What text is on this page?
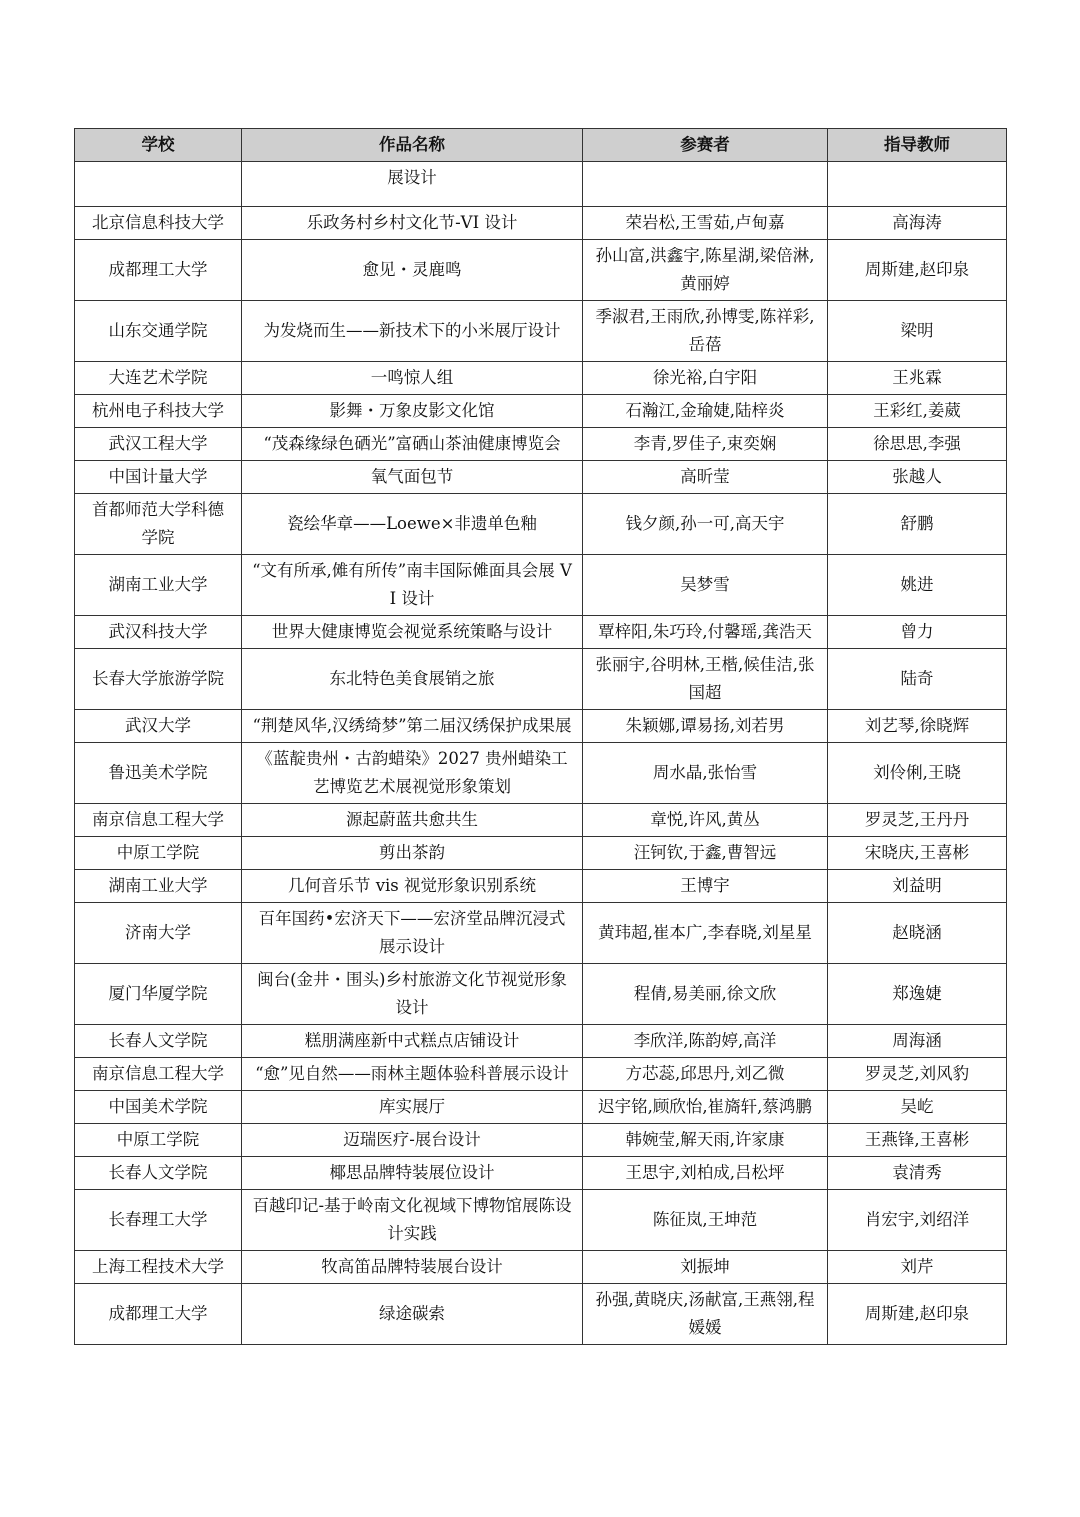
学校	作品名称	参赛者	指导教师
	展设计		
北京信息科技大学	乐政务村乡村文化节-VI 设计	荣岩松,王雪茹,卢甸嘉	高海涛
成都理工大学	愈见・灵鹿鸣	孙山富,洪鑫宇,陈星湖,梁倍淋,黄丽婷	周斯建,赵印泉
山东交通学院	为发烧而生——新技术下的小米展厅设计	季淑君,王雨欣,孙博雯,陈祥彩,岳蓓	梁明
大连艺术学院	一鸣惊人组	徐光裕,白宇阳	王兆霖
杭州电子科技大学	影舞・万象皮影文化馆	石瀚江,金瑜婕,陆梓炎	王彩红,姜葳
武汉工程大学	“茂森缘绿色硒光”富硒山茶油健康博览会	李青,罗佳子,束奕娴	徐思思,李强
中国计量大学	氧气面包节	高昕莹	张越人
首都师范大学科德学院	瓷绘华章——Loewe×非遗单色釉	钱夕颜,孙一可,高天宇	舒鹏
湖南工业大学	“文有所承,傩有所传”南丰国际傩面具会展 VI 设计	吴梦雪	姚进
武汉科技大学	世界大健康博览会视觉系统策略与设计	覃梓阳,朱巧玲,付馨瑶,龚浩天	曾力
长春大学旅游学院	东北特色美食展销之旅	张丽宇,谷明林,王楷,候佳洁,张国超	陆奇
武汉大学	“荆楚风华,汉绣绮梦”第二届汉绣保护成果展	朱颖娜,谭易扬,刘若男	刘艺琴,徐晓辉
鲁迅美术学院	《蓝靛贵州・古韵蜡染》2027 贵州蜡染工艺博览艺术展视觉形象策划	周水晶,张怡雪	刘伶俐,王晓
南京信息工程大学	源起蔚蓝共愈共生	章悦,许风,黄丛	罗灵芝,王丹丹
中原工学院	剪出茶韵	汪钶钦,于鑫,曹智远	宋晓庆,王喜彬
湖南工业大学	几何音乐节 vis 视觉形象识别系统	王博宇	刘益明
济南大学	百年国药•宏济天下——宏济堂品牌沉浸式展示设计	黄玮超,崔本广,李春晓,刘星星	赵晓涵
厦门华厦学院	闽台(金井・围头)乡村旅游文化节视觉形象设计	程倩,易美丽,徐文欣	郑逸婕
长春人文学院	糕朋满座新中式糕点店铺设计	李欣洋,陈韵婷,高洋	周海涵
南京信息工程大学	“愈”见自然——雨林主题体验科普展示设计	方芯蕊,邱思丹,刘乙微	罗灵芝,刘风豹
中国美术学院	库实展厅	迟宇铭,顾欣怡,崔旖轩,蔡鸿鹏	吴屹
中原工学院	迈瑞医疗-展台设计	韩婉莹,解天雨,许家康	王燕锋,王喜彬
长春人文学院	椰思品牌特装展位设计	王思宇,刘柏成,吕松坪	袁清秀
长春理工大学	百越印记-基于岭南文化视域下博物馆展陈设计实践	陈征岚,王坤范	肖宏宇,刘绍洋
上海工程技术大学	牧高笛品牌特装展台设计	刘振坤	刘芹
成都理工大学	绿途碳索	孙强,黄晓庆,汤献富,王燕翎,程媛媛	周斯建,赵印泉
